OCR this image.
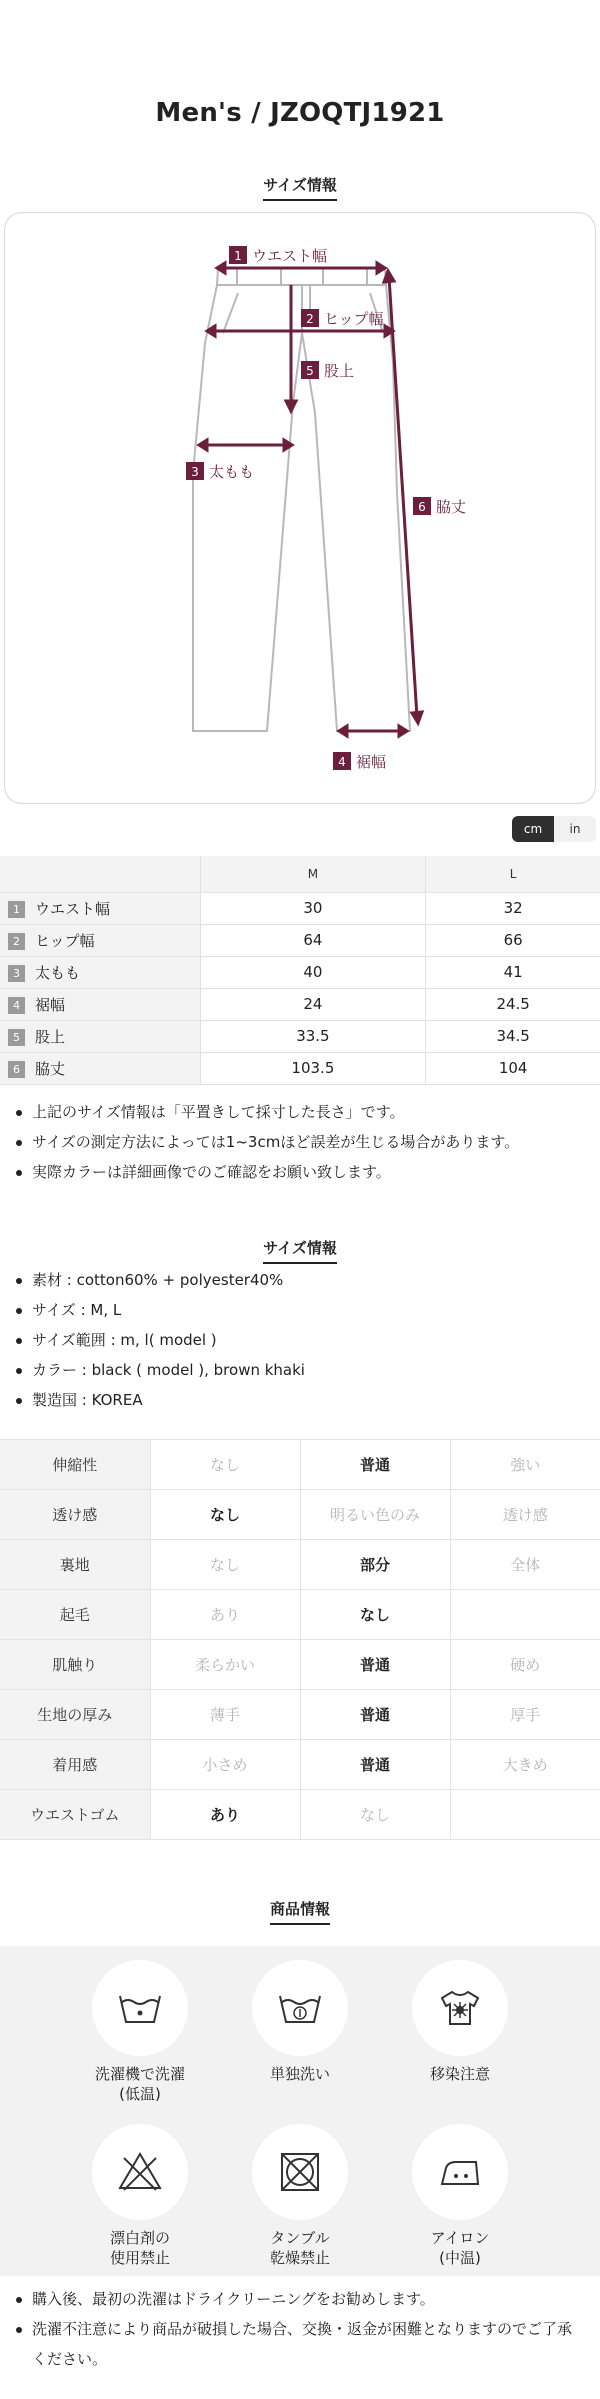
Men's / JZOQTJ1921
サイズ情報
1 ウエスト幅
2 ヒップ幅
5 股上
3 太もも
6 脇丈
4 裾幅
cm	in
	M	L
1 ウエスト幅	30	32
2 ヒップ幅	64	66
3 太もも	40	41
4 裾幅	24	24.5
5 股上	33.5	34.5
6 脇丈	103.5	104
上記のサイズ情報は「平置きして採寸した長さ」です。
サイズの測定方法によっては1~3cmほど誤差が生じる場合があります。
実際カラーは詳細画像でのご確認をお願い致します。
サイズ情報
素材 : cotton60% + polyester40%
サイズ : M, L
サイズ範囲 : m, l( model )
カラー : black ( model ), brown khaki
製造国 : KOREA
伸縮性	なし	普通	強い
透け感	なし	明るい色のみ	透け感
裏地	なし	部分	全体
起毛	あり	なし	
肌触り	柔らかい	普通	硬め
生地の厚み	薄手	普通	厚手
着用感	小さめ	普通	大きめ
ウエストゴム	あり	なし	
商品情報
洗濯機で洗濯
(低温)
単独洗い	移染注意
漂白剤の
使用禁止
タンブル
乾燥禁止
アイロン
(中温)
購入後、最初の洗濯はドライクリーニングをお勧めします。
洗濯不注意により商品が破損した場合、交換・返金が困難となりますのでご了承ください。
